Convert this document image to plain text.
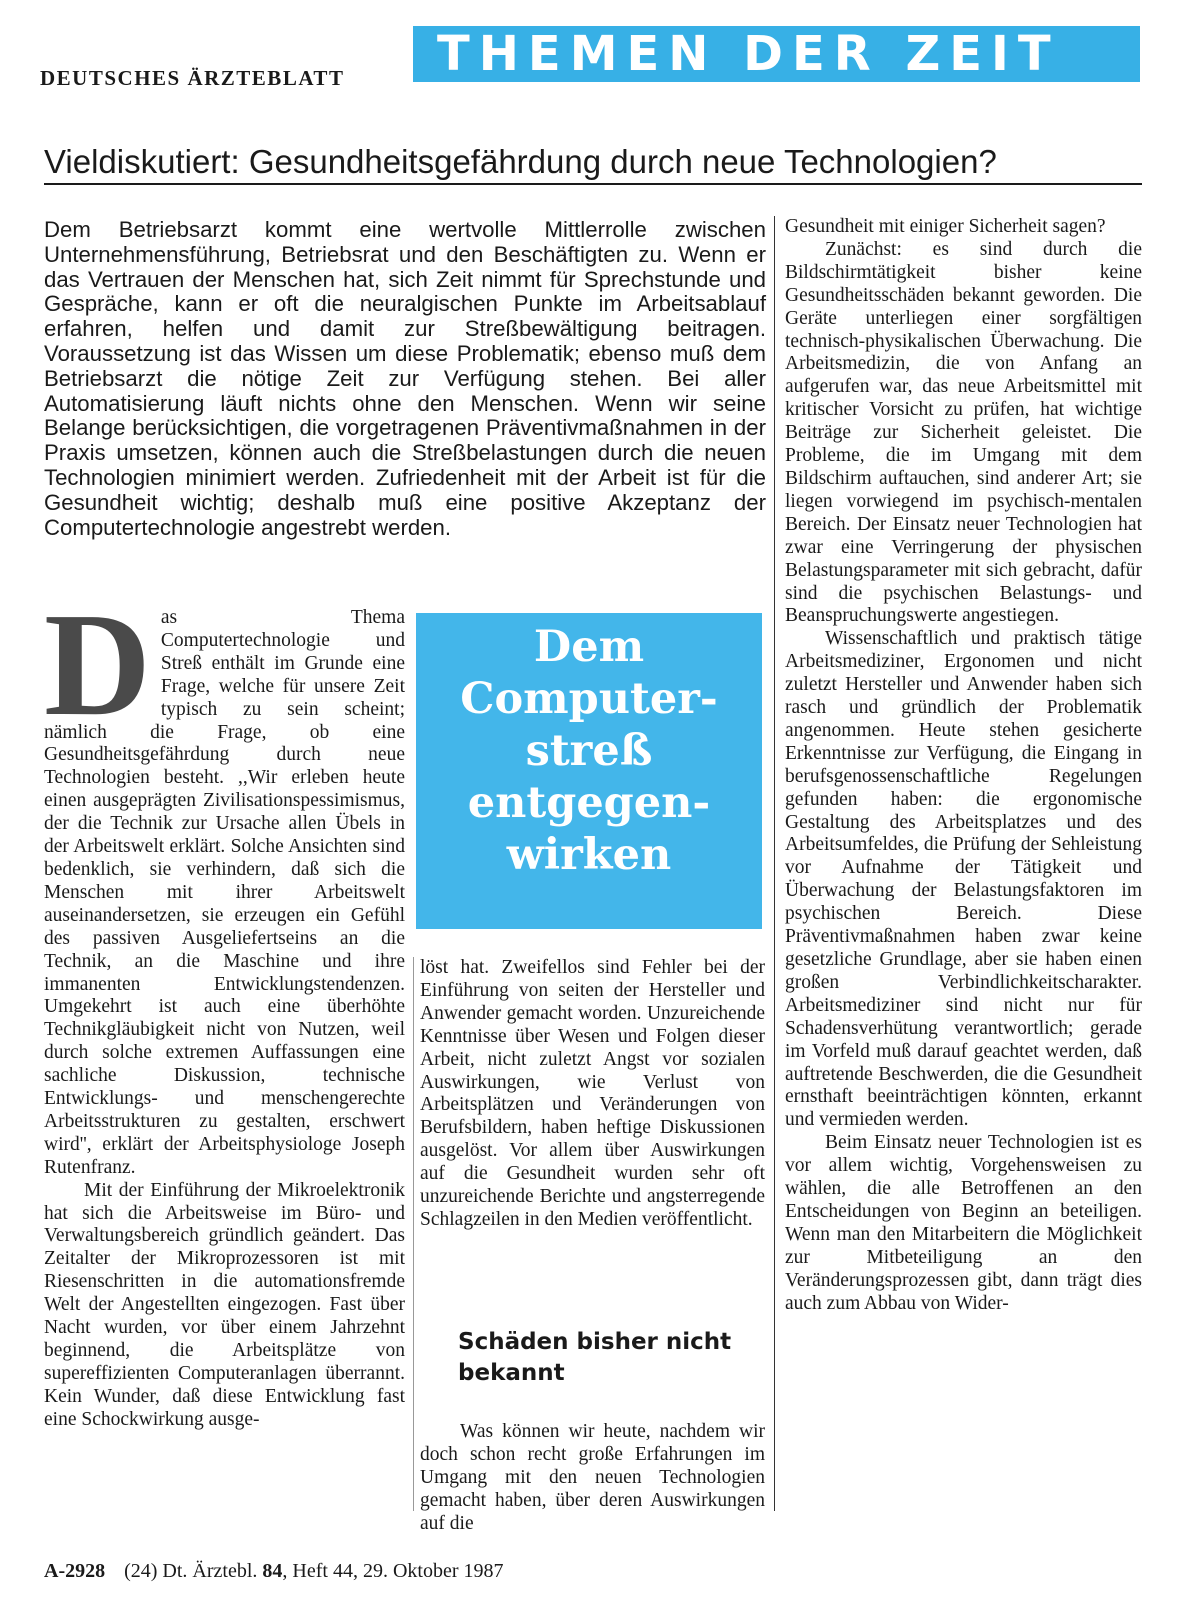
DEUTSCHES ÄRZTEBLATT	THEMEN DER ZEIT
Vieldiskutiert: Gesundheitsgefährdung durch neue Technologien?

Dem Betriebsarzt kommt eine wertvolle Mittlerrolle zwischen Unternehmensführung, Betriebsrat und den Beschäftigten zu. Wenn er das Vertrauen der Menschen hat, sich Zeit nimmt für Sprechstunde und Gespräche, kann er oft die neuralgischen Punkte im Arbeitsablauf erfahren, helfen und damit zur Streßbewältigung beitragen. Voraussetzung ist das Wissen um diese Problematik; ebenso muß dem Betriebsarzt die nötige Zeit zur Verfügung stehen. Bei aller Automatisierung läuft nichts ohne den Menschen. Wenn wir seine Belange berücksichtigen, die vorgetragenen Präventivmaßnahmen in der Praxis umsetzen, können auch die Streßbelastungen durch die neuen Technologien minimiert werden. Zufriedenheit mit der Arbeit ist für die Gesundheit wichtig; deshalb muß eine positive Akzeptanz der Computertechnologie angestrebt werden.

Das Thema Computertechnologie und Streß enthält im Grunde eine Frage, welche für unsere Zeit typisch zu sein scheint; nämlich die Frage, ob eine Gesundheitsgefährdung durch neue Technologien besteht. ,,Wir erleben heute einen ausgeprägten Zivilisationspessimismus, der die Technik zur Ursache allen Übels in der Arbeitswelt erklärt. Solche Ansichten sind bedenklich, sie verhindern, daß sich die Menschen mit ihrer Arbeitswelt auseinandersetzen, sie erzeugen ein Gefühl des passiven Ausgeliefertseins an die Technik, an die Maschine und ihre immanenten Entwicklungstendenzen. Umgekehrt ist auch eine überhöhte Technikgläubigkeit nicht von Nutzen, weil durch solche extremen Auffassungen eine sachliche Diskussion, technische Entwicklungs- und menschengerechte Arbeitsstrukturen zu gestalten, erschwert wird'', erklärt der Arbeitsphysiologe Joseph Rutenfranz.

Mit der Einführung der Mikroelektronik hat sich die Arbeitsweise im Büro- und Verwaltungsbereich gründlich geändert. Das Zeitalter der Mikroprozessoren ist mit Riesenschritten in die automationsfremde Welt der Angestellten eingezogen. Fast über Nacht wurden, vor über einem Jahrzehnt beginnend, die Arbeitsplätze von supereffizienten Computeranlagen überrannt. Kein Wunder, daß diese Entwicklung fast eine Schockwirkung ausge-

Dem
Computer-
streß
entgegen-
wirken

löst hat. Zweifellos sind Fehler bei der Einführung von seiten der Hersteller und Anwender gemacht worden. Unzureichende Kenntnisse über Wesen und Folgen dieser Arbeit, nicht zuletzt Angst vor sozialen Auswirkungen, wie Verlust von Arbeitsplätzen und Veränderungen von Berufsbildern, haben heftige Diskussionen ausgelöst. Vor allem über Auswirkungen auf die Gesundheit wurden sehr oft unzureichende Berichte und angsterregende Schlagzeilen in den Medien veröffentlicht.

Schäden bisher nicht bekannt

Was können wir heute, nachdem wir doch schon recht große Erfahrungen im Umgang mit den neuen Technologien gemacht haben, über deren Auswirkungen auf die

Gesundheit mit einiger Sicherheit sagen?

Zunächst: es sind durch die Bildschirmtätigkeit bisher keine Gesundheitsschäden bekannt geworden. Die Geräte unterliegen einer sorgfältigen technisch-physikalischen Überwachung. Die Arbeitsmedizin, die von Anfang an aufgerufen war, das neue Arbeitsmittel mit kritischer Vorsicht zu prüfen, hat wichtige Beiträge zur Sicherheit geleistet. Die Probleme, die im Umgang mit dem Bildschirm auftauchen, sind anderer Art; sie liegen vorwiegend im psychisch-mentalen Bereich. Der Einsatz neuer Technologien hat zwar eine Verringerung der physischen Belastungsparameter mit sich gebracht, dafür sind die psychischen Belastungs- und Beanspruchungswerte angestiegen.

Wissenschaftlich und praktisch tätige Arbeitsmediziner, Ergonomen und nicht zuletzt Hersteller und Anwender haben sich rasch und gründlich der Problematik angenommen. Heute stehen gesicherte Erkenntnisse zur Verfügung, die Eingang in berufsgenossenschaftliche Regelungen gefunden haben: die ergonomische Gestaltung des Arbeitsplatzes und des Arbeitsumfeldes, die Prüfung der Sehleistung vor Aufnahme der Tätigkeit und Überwachung der Belastungsfaktoren im psychischen Bereich. Diese Präventivmaßnahmen haben zwar keine gesetzliche Grundlage, aber sie haben einen großen Verbindlichkeitscharakter. Arbeitsmediziner sind nicht nur für Schadensverhütung verantwortlich; gerade im Vorfeld muß darauf geachtet werden, daß auftretende Beschwerden, die die Gesundheit ernsthaft beeinträchtigen könnten, erkannt und vermieden werden.

Beim Einsatz neuer Technologien ist es vor allem wichtig, Vorgehensweisen zu wählen, die alle Betroffenen an den Entscheidungen von Beginn an beteiligen. Wenn man den Mitarbeitern die Möglichkeit zur Mitbeteiligung an den Veränderungsprozessen gibt, dann trägt dies auch zum Abbau von Wider-

A-2928 (24) Dt. Ärztebl. 84, Heft 44, 29. Oktober 1987
